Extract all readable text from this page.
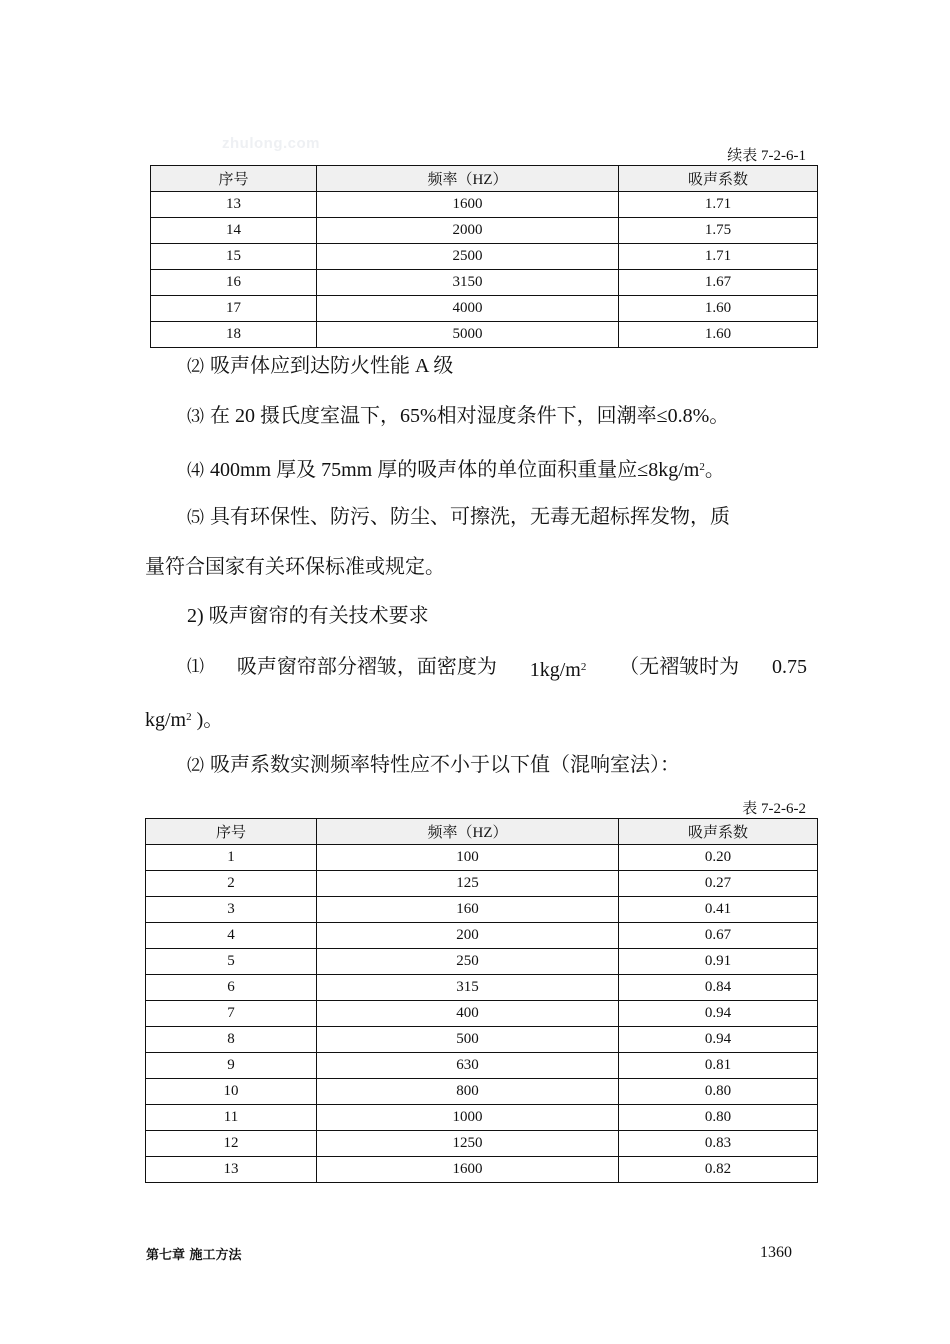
zhulong.com
续表 7-2-6-1
序号	频率（HZ）	吸声系数
13	1600	1.71
14	2000	1.75
15	2500	1.71
16	3150	1.67
17	4000	1.60
18	5000	1.60
⑵ 吸声体应到达防火性能 A 级
⑶ 在 20 摄氏度室温下，65%相对湿度条件下，回潮率≤0.8%。
⑷ 400mm 厚及 75mm 厚的吸声体的单位面积重量应$\le 8kg/m^2$。
⑸ 具有环保性、防污、防尘、可擦洗，无毒无超标挥发物，质
量符合国家有关环保标准或规定。
2) 吸声窗帘的有关技术要求
⑴ 吸声窗帘部分褶皱，面密度为 $1kg/m^2$ （无褶皱时为 0.75
$kg/m^2$ )。
⑵ 吸声系数实测频率特性应不小于以下值（混响室法）：
表 7-2-6-2
序号	频率（HZ）	吸声系数
1	100	0.20
2	125	0.27
3	160	0.41
4	200	0.67
5	250	0.91
6	315	0.84
7	400	0.94
8	500	0.94
9	630	0.81
10	800	0.80
11	1000	0.80
12	1250	0.83
13	1600	0.82
第七章 施工方法	1360
